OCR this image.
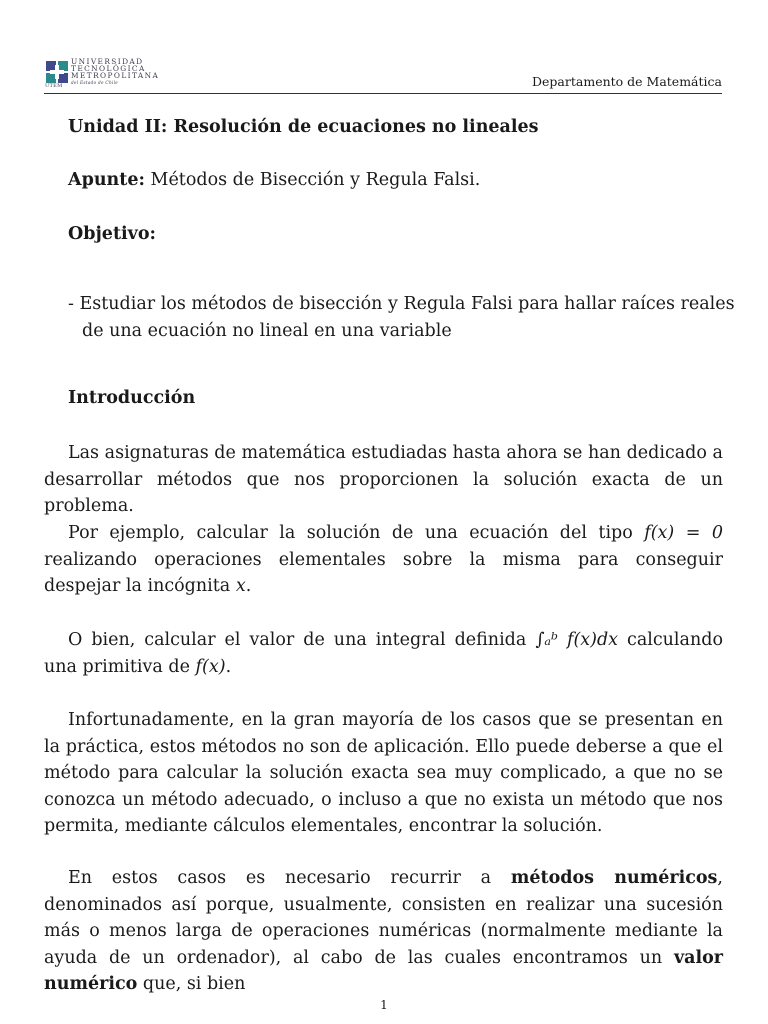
UTEM
UNIVERSIDAD
TECNOLÓGICA
METROPOLITANA
del Estado de Chile	Departamento de Matemática
Unidad II: Resolución de ecuaciones no lineales
Apunte: Métodos de Bisección y Regula Falsi.
Objetivo:
- Estudiar los métodos de bisección y Regula Falsi para hallar raíces reales
de una ecuación no lineal en una variable
Introducción
Las asignaturas de matemática estudiadas hasta ahora se han dedicado a desarrollar métodos que nos proporcionen la solución exacta de un problema.
Por ejemplo, calcular la solución de una ecuación del tipo f(x) = 0 realizando operaciones elementales sobre la misma para conseguir despejar la incógnita x.
O bien, calcular el valor de una integral definida ∫ₐᵇ f(x)dx calculando una primitiva de f(x).
Infortunadamente, en la gran mayoría de los casos que se presentan en la práctica, estos métodos no son de aplicación. Ello puede deberse a que el método para calcular la solución exacta sea muy complicado, a que no se conozca un método adecuado, o incluso a que no exista un método que nos permita, mediante cálculos elementales, encontrar la solución.
En estos casos es necesario recurrir a métodos numéricos, denominados así porque, usualmente, consisten en realizar una sucesión más o menos larga de operaciones numéricas (normalmente mediante la ayuda de un ordenador), al cabo de las cuales encontramos un valor numérico que, si bien
1
